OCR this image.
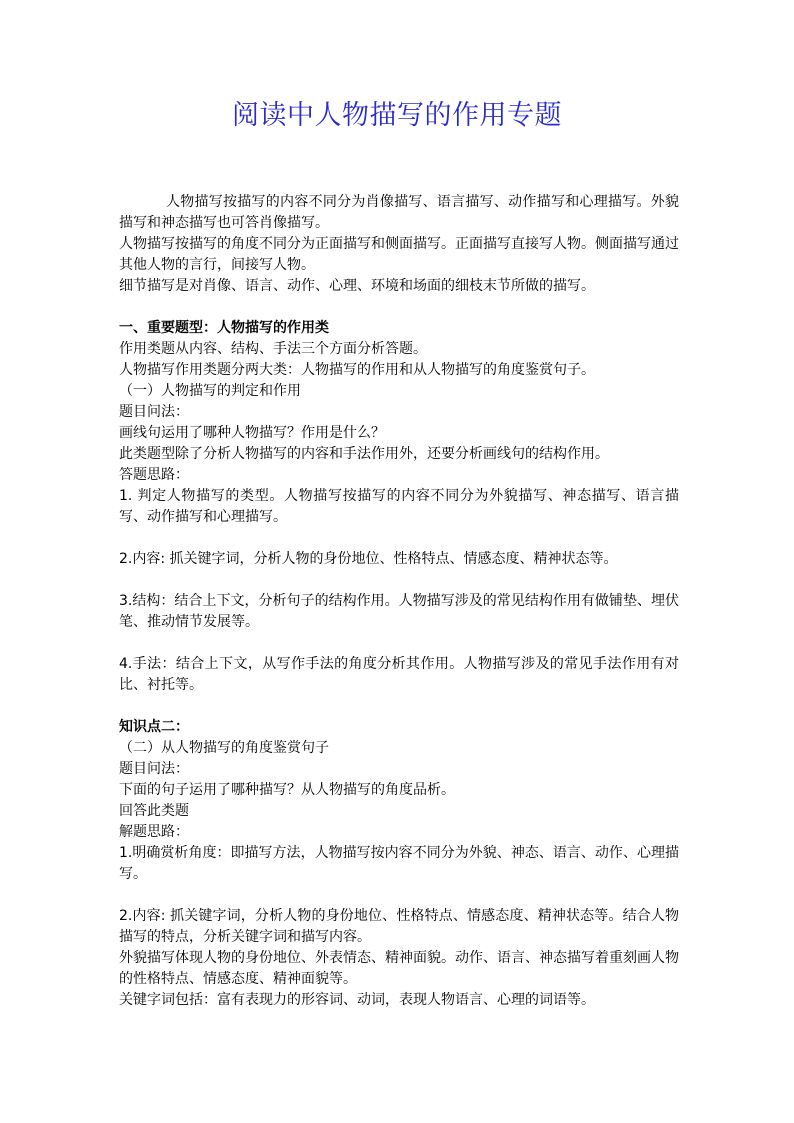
阅读中人物描写的作用专题

人物描写按描写的内容不同分为肖像描写、语言描写、动作描写和心理描写。外貌描写和神态描写也可答肖像描写。

人物描写按描写的角度不同分为正面描写和侧面描写。正面描写直接写人物。侧面描写通过其他人物的言行，间接写人物。

细节描写是对肖像、语言、动作、心理、环境和场面的细枝末节所做的描写。

一、重要题型：人物描写的作用类

作用类题从内容、结构、手法三个方面分析答题。

人物描写作用类题分两大类：人物描写的作用和从人物描写的角度鉴赏句子。

（一）人物描写的判定和作用

题目问法：

画线句运用了哪种人物描写？作用是什么？

此类题型除了分析人物描写的内容和手法作用外，还要分析画线句的结构作用。

答题思路：

1. 判定人物描写的类型。人物描写按描写的内容不同分为外貌描写、神态描写、语言描写、动作描写和心理描写。

2.内容: 抓关键字词，分析人物的身份地位、性格特点、情感态度、精神状态等。

3.结构：结合上下文，分析句子的结构作用。人物描写涉及的常见结构作用有做铺垫、埋伏笔、推动情节发展等。

4.手法：结合上下文，从写作手法的角度分析其作用。人物描写涉及的常见手法作用有对比、衬托等。

知识点二：

（二）从人物描写的角度鉴赏句子

题目问法：

下面的句子运用了哪种描写？从人物描写的角度品析。

回答此类题

解题思路：

1.明确赏析角度：即描写方法，人物描写按内容不同分为外貌、神态、语言、动作、心理描写。

2.内容: 抓关键字词，分析人物的身份地位、性格特点、情感态度、精神状态等。结合人物描写的特点，分析关键字词和描写内容。

外貌描写体现人物的身份地位、外表情态、精神面貌。动作、语言、神态描写着重刻画人物的性格特点、情感态度、精神面貌等。

关键字词包括：富有表现力的形容词、动词，表现人物语言、心理的词语等。
